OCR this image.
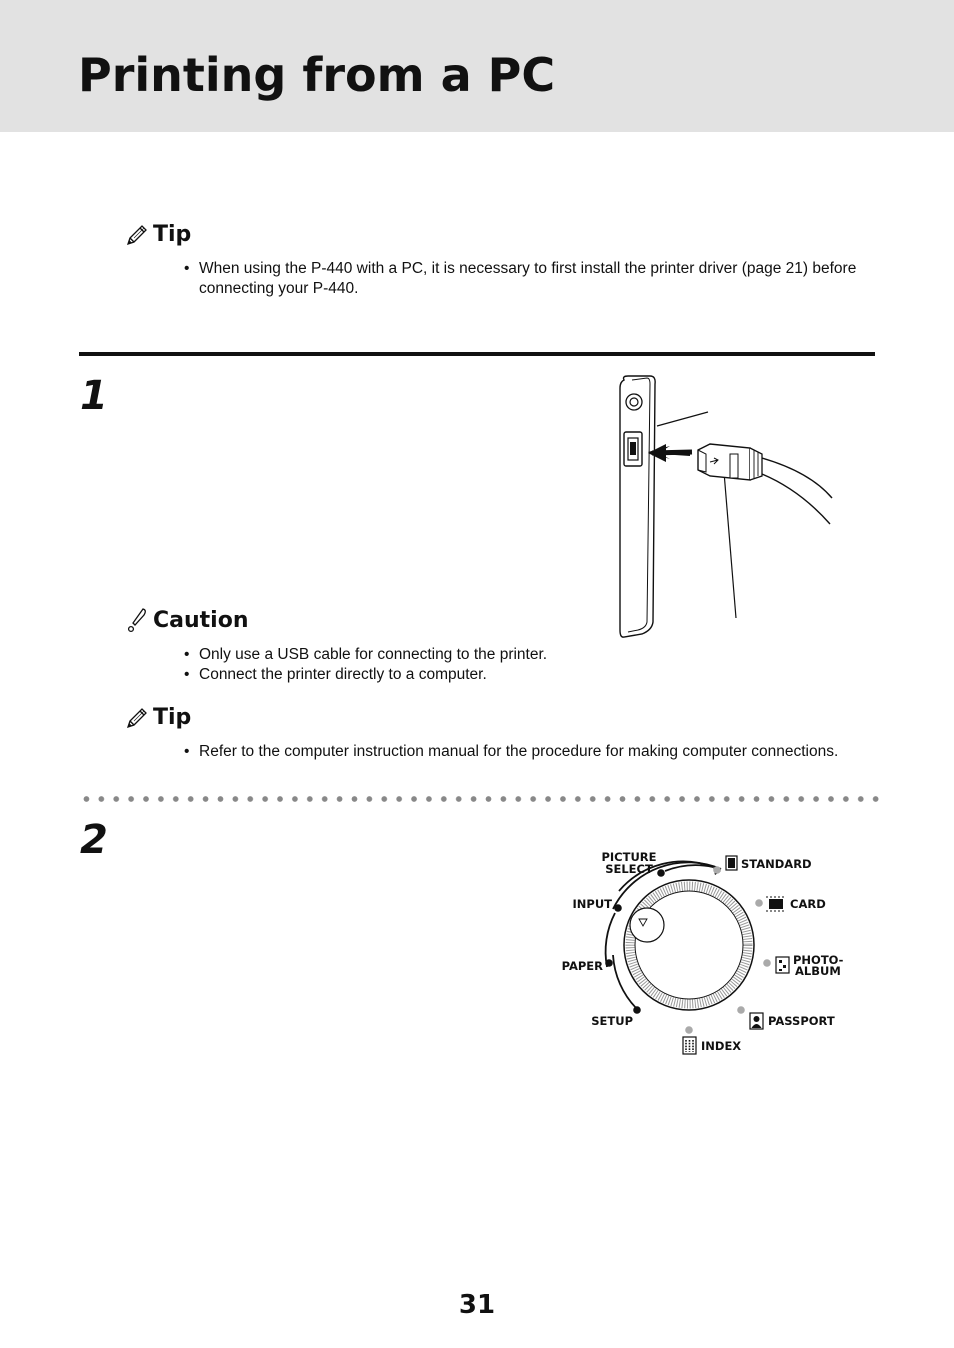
Printing from a PC
Tip
• When using the P-440 with a PC, it is necessary to first install the printer driver (page 21) before connecting your P-440.
1
Caution
• Only use a USB cable for connecting to the printer.
• Connect the printer directly to a computer.
Tip
• Refer to the computer instruction manual for the procedure for making computer connections.
2	PICTURE
SELECT
INPUT
PAPER
SETUP
STANDARD
CARD
PHOTO-
ALBUM
PASSPORT
INDEX
31
